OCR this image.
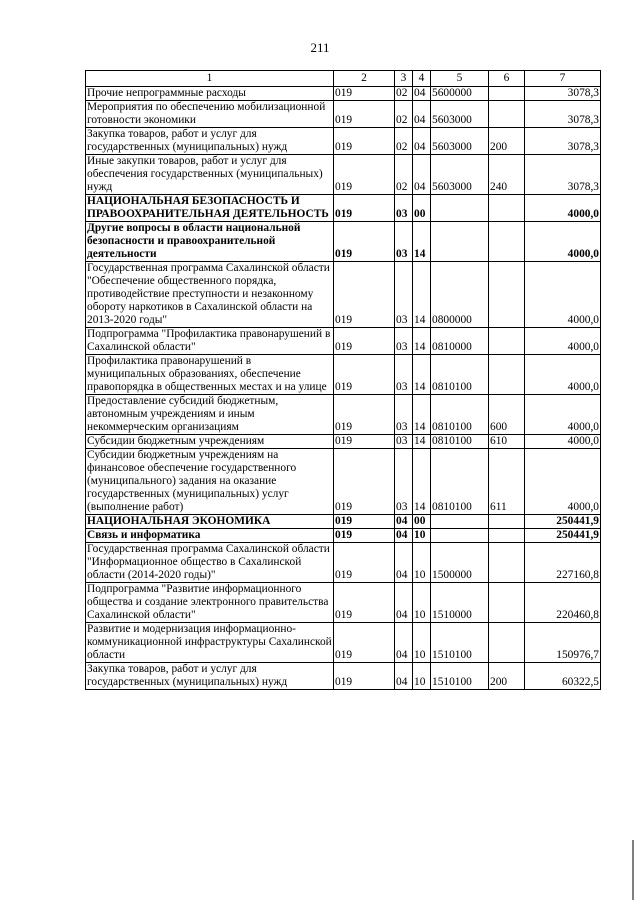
211
1	2	3	4	5	6	7
Прочие непрограммные расходы	019	02	04	5600000		3078,3
Мероприятия по обеспечению мобилизационной готовности экономики	019	02	04	5603000		3078,3
Закупка товаров, работ и услуг для государственных (муниципальных) нужд	019	02	04	5603000	200	3078,3
Иные закупки товаров, работ и услуг для обеспечения государственных (муниципальных) нужд	019	02	04	5603000	240	3078,3
НАЦИОНАЛЬНАЯ БЕЗОПАСНОСТЬ И ПРАВООХРАНИТЕЛЬНАЯ ДЕЯТЕЛЬНОСТЬ	019	03	00			4000,0
Другие вопросы в области национальной безопасности и правоохранительной деятельности	019	03	14			4000,0
Государственная программа Сахалинской области "Обеспечение общественного порядка, противодействие преступности и незаконному обороту наркотиков в Сахалинской области на 2013-2020 годы"	019	03	14	0800000		4000,0
Подпрограмма "Профилактика правонарушений в Сахалинской области"	019	03	14	0810000		4000,0
Профилактика правонарушений в муниципальных образованиях, обеспечение правопорядка в общественных местах и на улице	019	03	14	0810100		4000,0
Предоставление субсидий бюджетным, автономным учреждениям и иным некоммерческим организациям	019	03	14	0810100	600	4000,0
Субсидии бюджетным учреждениям	019	03	14	0810100	610	4000,0
Субсидии бюджетным учреждениям на финансовое обеспечение государственного (муниципального) задания на оказание государственных (муниципальных) услуг (выполнение работ)	019	03	14	0810100	611	4000,0
НАЦИОНАЛЬНАЯ ЭКОНОМИКА	019	04	00			250441,9
Связь и информатика	019	04	10			250441,9
Государственная программа Сахалинской области "Информационное общество в Сахалинской области (2014-2020 годы)"	019	04	10	1500000		227160,8
Подпрограмма "Развитие информационного общества и создание электронного правительства Сахалинской области"	019	04	10	1510000		220460,8
Развитие и модернизация информационно-коммуникационной инфраструктуры Сахалинской области	019	04	10	1510100		150976,7
Закупка товаров, работ и услуг для государственных (муниципальных) нужд	019	04	10	1510100	200	60322,5
